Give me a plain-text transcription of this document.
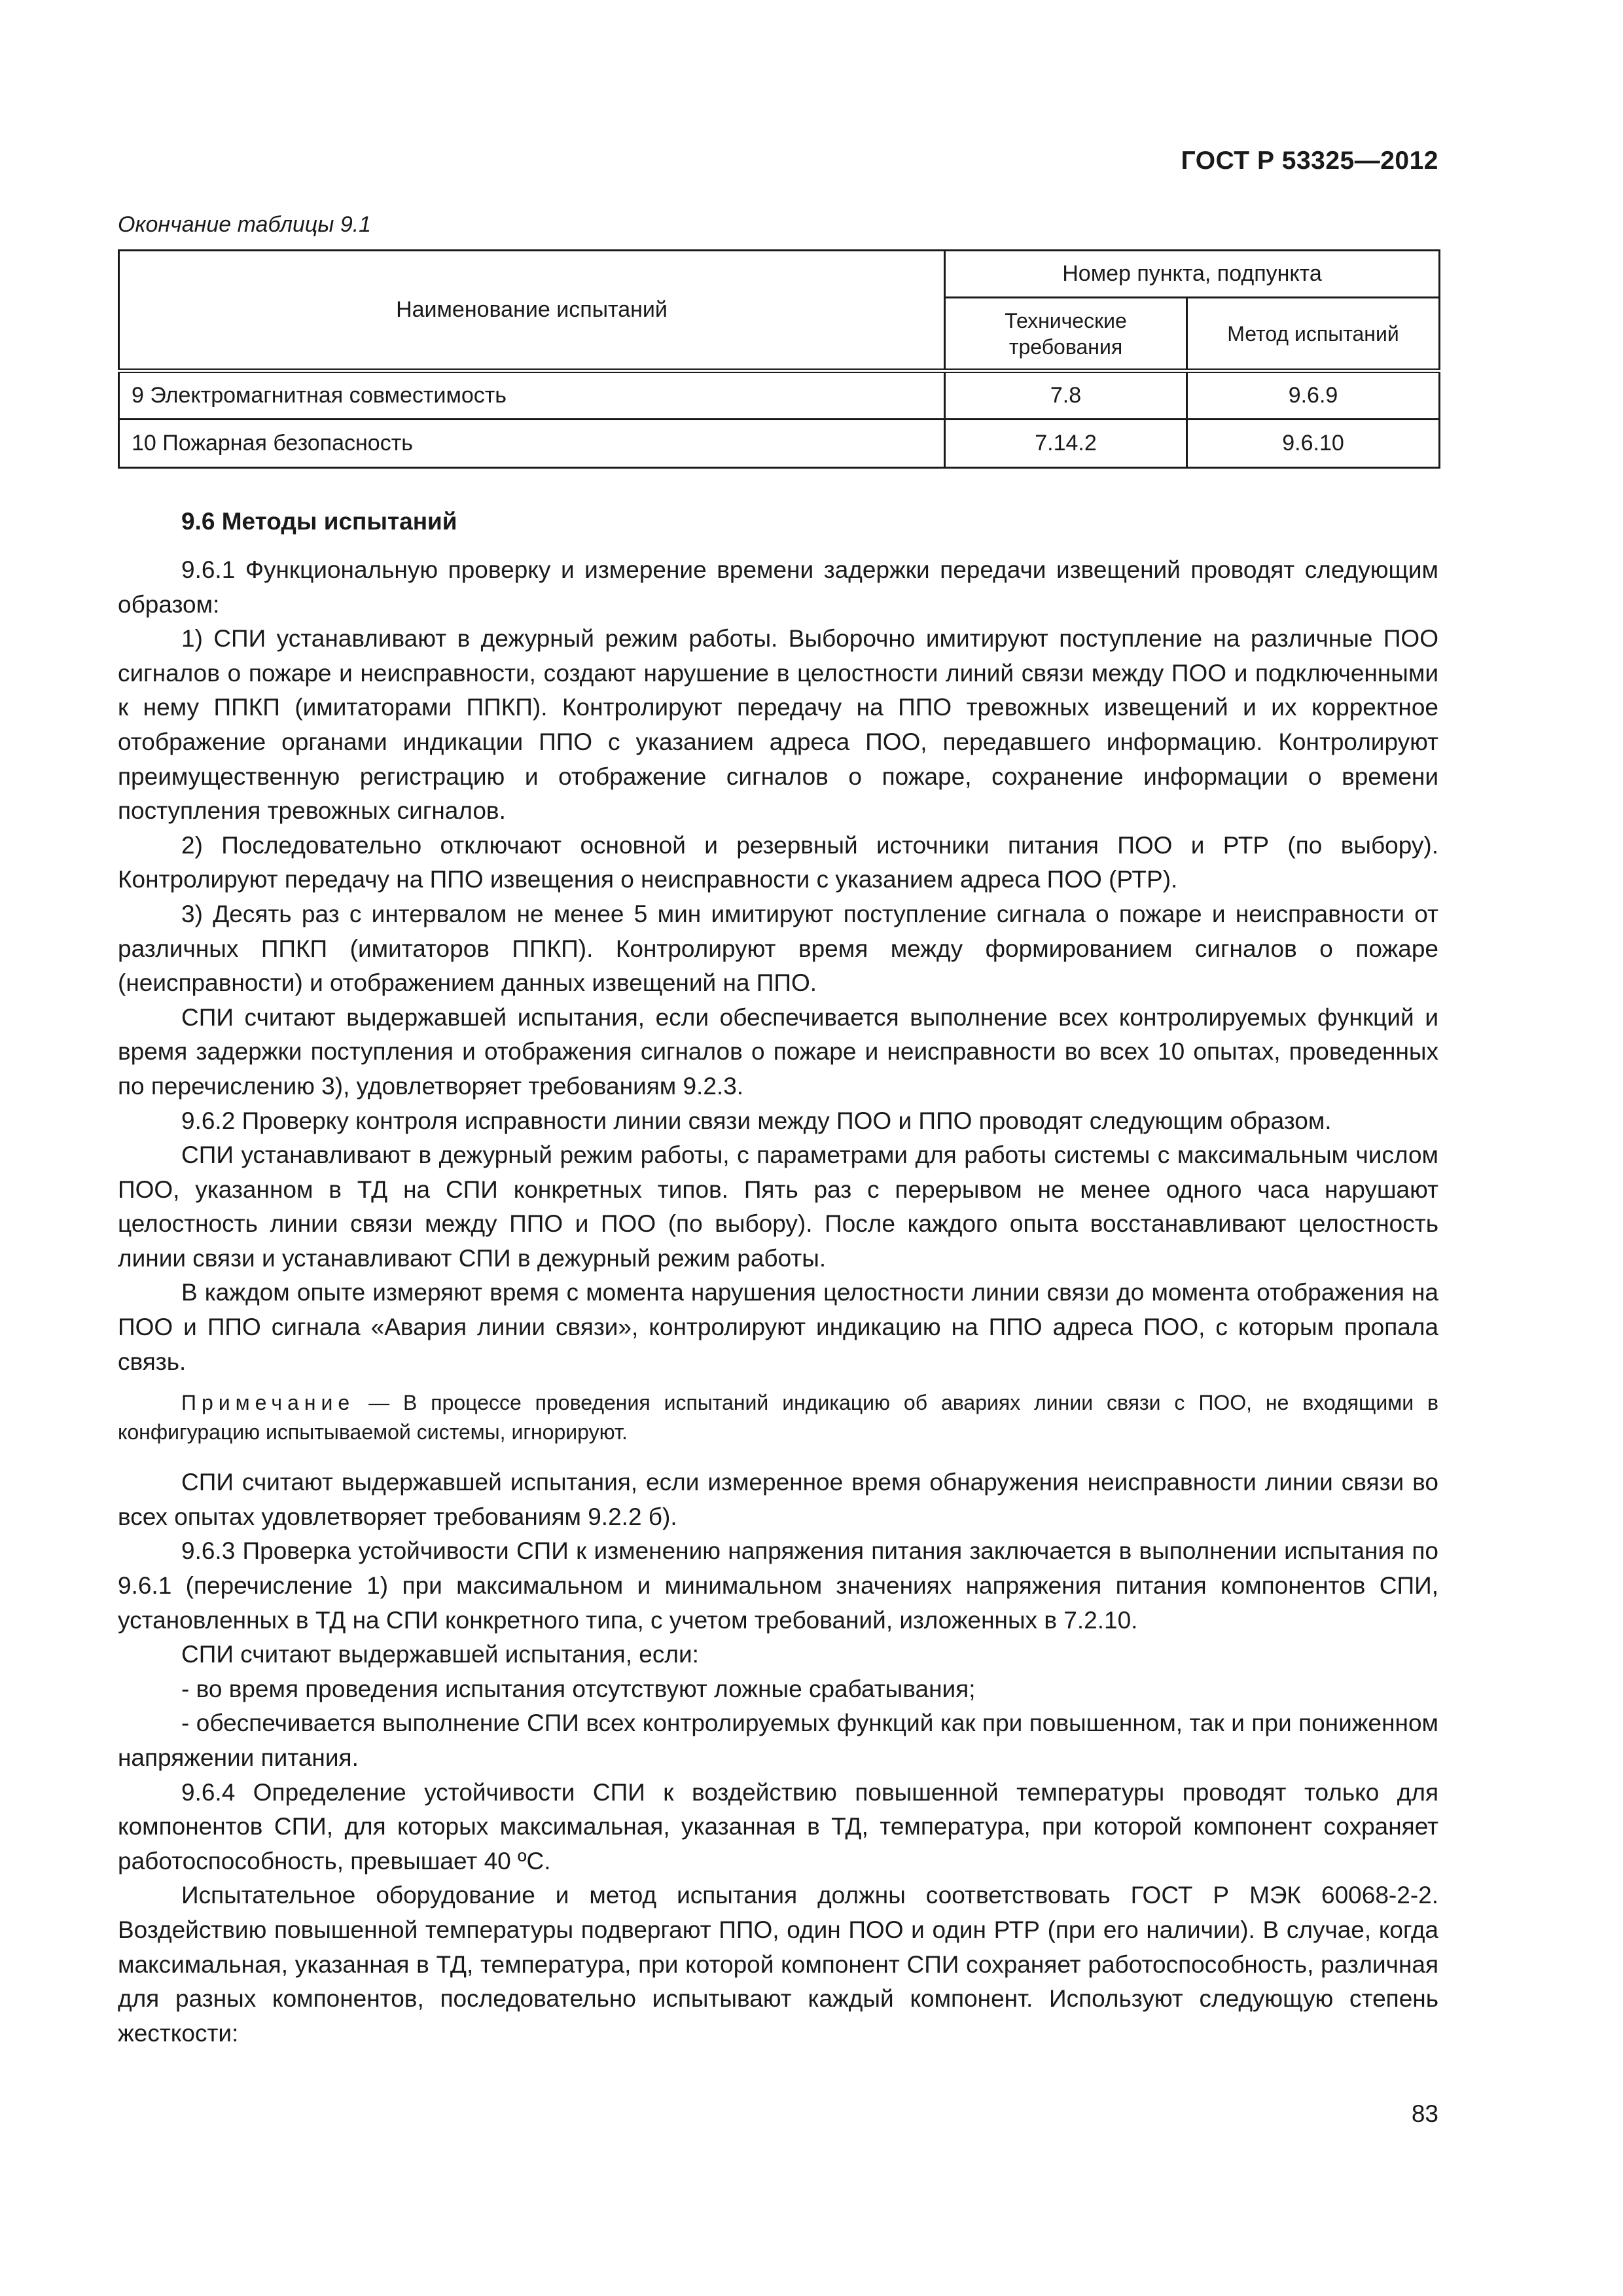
ГОСТ Р 53325—2012
Окончание таблицы 9.1
Наименование испытаний	Номер пункта, подпункта	
	Технические требования	Метод испытаний
9 Электромагнитная совместимость	7.8	9.6.9
10 Пожарная безопасность	7.14.2	9.6.10
9.6 Методы испытаний

9.6.1 Функциональную проверку и измерение времени задержки передачи извещений проводят следующим образом:

1) СПИ устанавливают в дежурный режим работы. Выборочно имитируют поступление на различные ПОО сигналов о пожаре и неисправности, создают нарушение в целостности линий связи между ПОО и подключенными к нему ППКП (имитаторами ППКП). Контролируют передачу на ППО тревожных извещений и их корректное отображение органами индикации ППО с указанием адреса ПОО, передавшего информацию. Контролируют преимущественную регистрацию и отображение сигналов о пожаре, сохранение информации о времени поступления тревожных сигналов.

2) Последовательно отключают основной и резервный источники питания ПОО и РТР (по выбору). Контролируют передачу на ППО извещения о неисправности с указанием адреса ПОО (РТР).

3) Десять раз с интервалом не менее 5 мин имитируют поступление сигнала о пожаре и неисправности от различных ППКП (имитаторов ППКП). Контролируют время между формированием сигналов о пожаре (неисправности) и отображением данных извещений на ППО.

СПИ считают выдержавшей испытания, если обеспечивается выполнение всех контролируемых функций и время задержки поступления и отображения сигналов о пожаре и неисправности во всех 10 опытах, проведенных по перечислению 3), удовлетворяет требованиям 9.2.3.

9.6.2 Проверку контроля исправности линии связи между ПОО и ППО проводят следующим образом.

СПИ устанавливают в дежурный режим работы, с параметрами для работы системы с максимальным числом ПОО, указанном в ТД на СПИ конкретных типов. Пять раз с перерывом не менее одного часа нарушают целостность линии связи между ППО и ПОО (по выбору). После каждого опыта восстанавливают целостность линии связи и устанавливают СПИ в дежурный режим работы.

В каждом опыте измеряют время с момента нарушения целостности линии связи до момента отображения на ПОО и ППО сигнала «Авария линии связи», контролируют индикацию на ППО адреса ПОО, с которым пропала связь.

Примечание — В процессе проведения испытаний индикацию об авариях линии связи с ПОО, не входящими в конфигурацию испытываемой системы, игнорируют.

СПИ считают выдержавшей испытания, если измеренное время обнаружения неисправности линии связи во всех опытах удовлетворяет требованиям 9.2.2 б).

9.6.3 Проверка устойчивости СПИ к изменению напряжения питания заключается в выполнении испытания по 9.6.1 (перечисление 1) при максимальном и минимальном значениях напряжения питания компонентов СПИ, установленных в ТД на СПИ конкретного типа, с учетом требований, изложенных в 7.2.10.

СПИ считают выдержавшей испытания, если:

- во время проведения испытания отсутствуют ложные срабатывания;

- обеспечивается выполнение СПИ всех контролируемых функций как при повышенном, так и при пониженном напряжении питания.

9.6.4 Определение устойчивости СПИ к воздействию повышенной температуры проводят только для компонентов СПИ, для которых максимальная, указанная в ТД, температура, при которой компонент сохраняет работоспособность, превышает 40 ºС.

Испытательное оборудование и метод испытания должны соответствовать ГОСТ Р МЭК 60068-2-2. Воздействию повышенной температуры подвергают ППО, один ПОО и один РТР (при его наличии). В случае, когда максимальная, указанная в ТД, температура, при которой компонент СПИ сохраняет работоспособность, различная для разных компонентов, последовательно испытывают каждый компонент. Используют следующую степень жесткости:

83
